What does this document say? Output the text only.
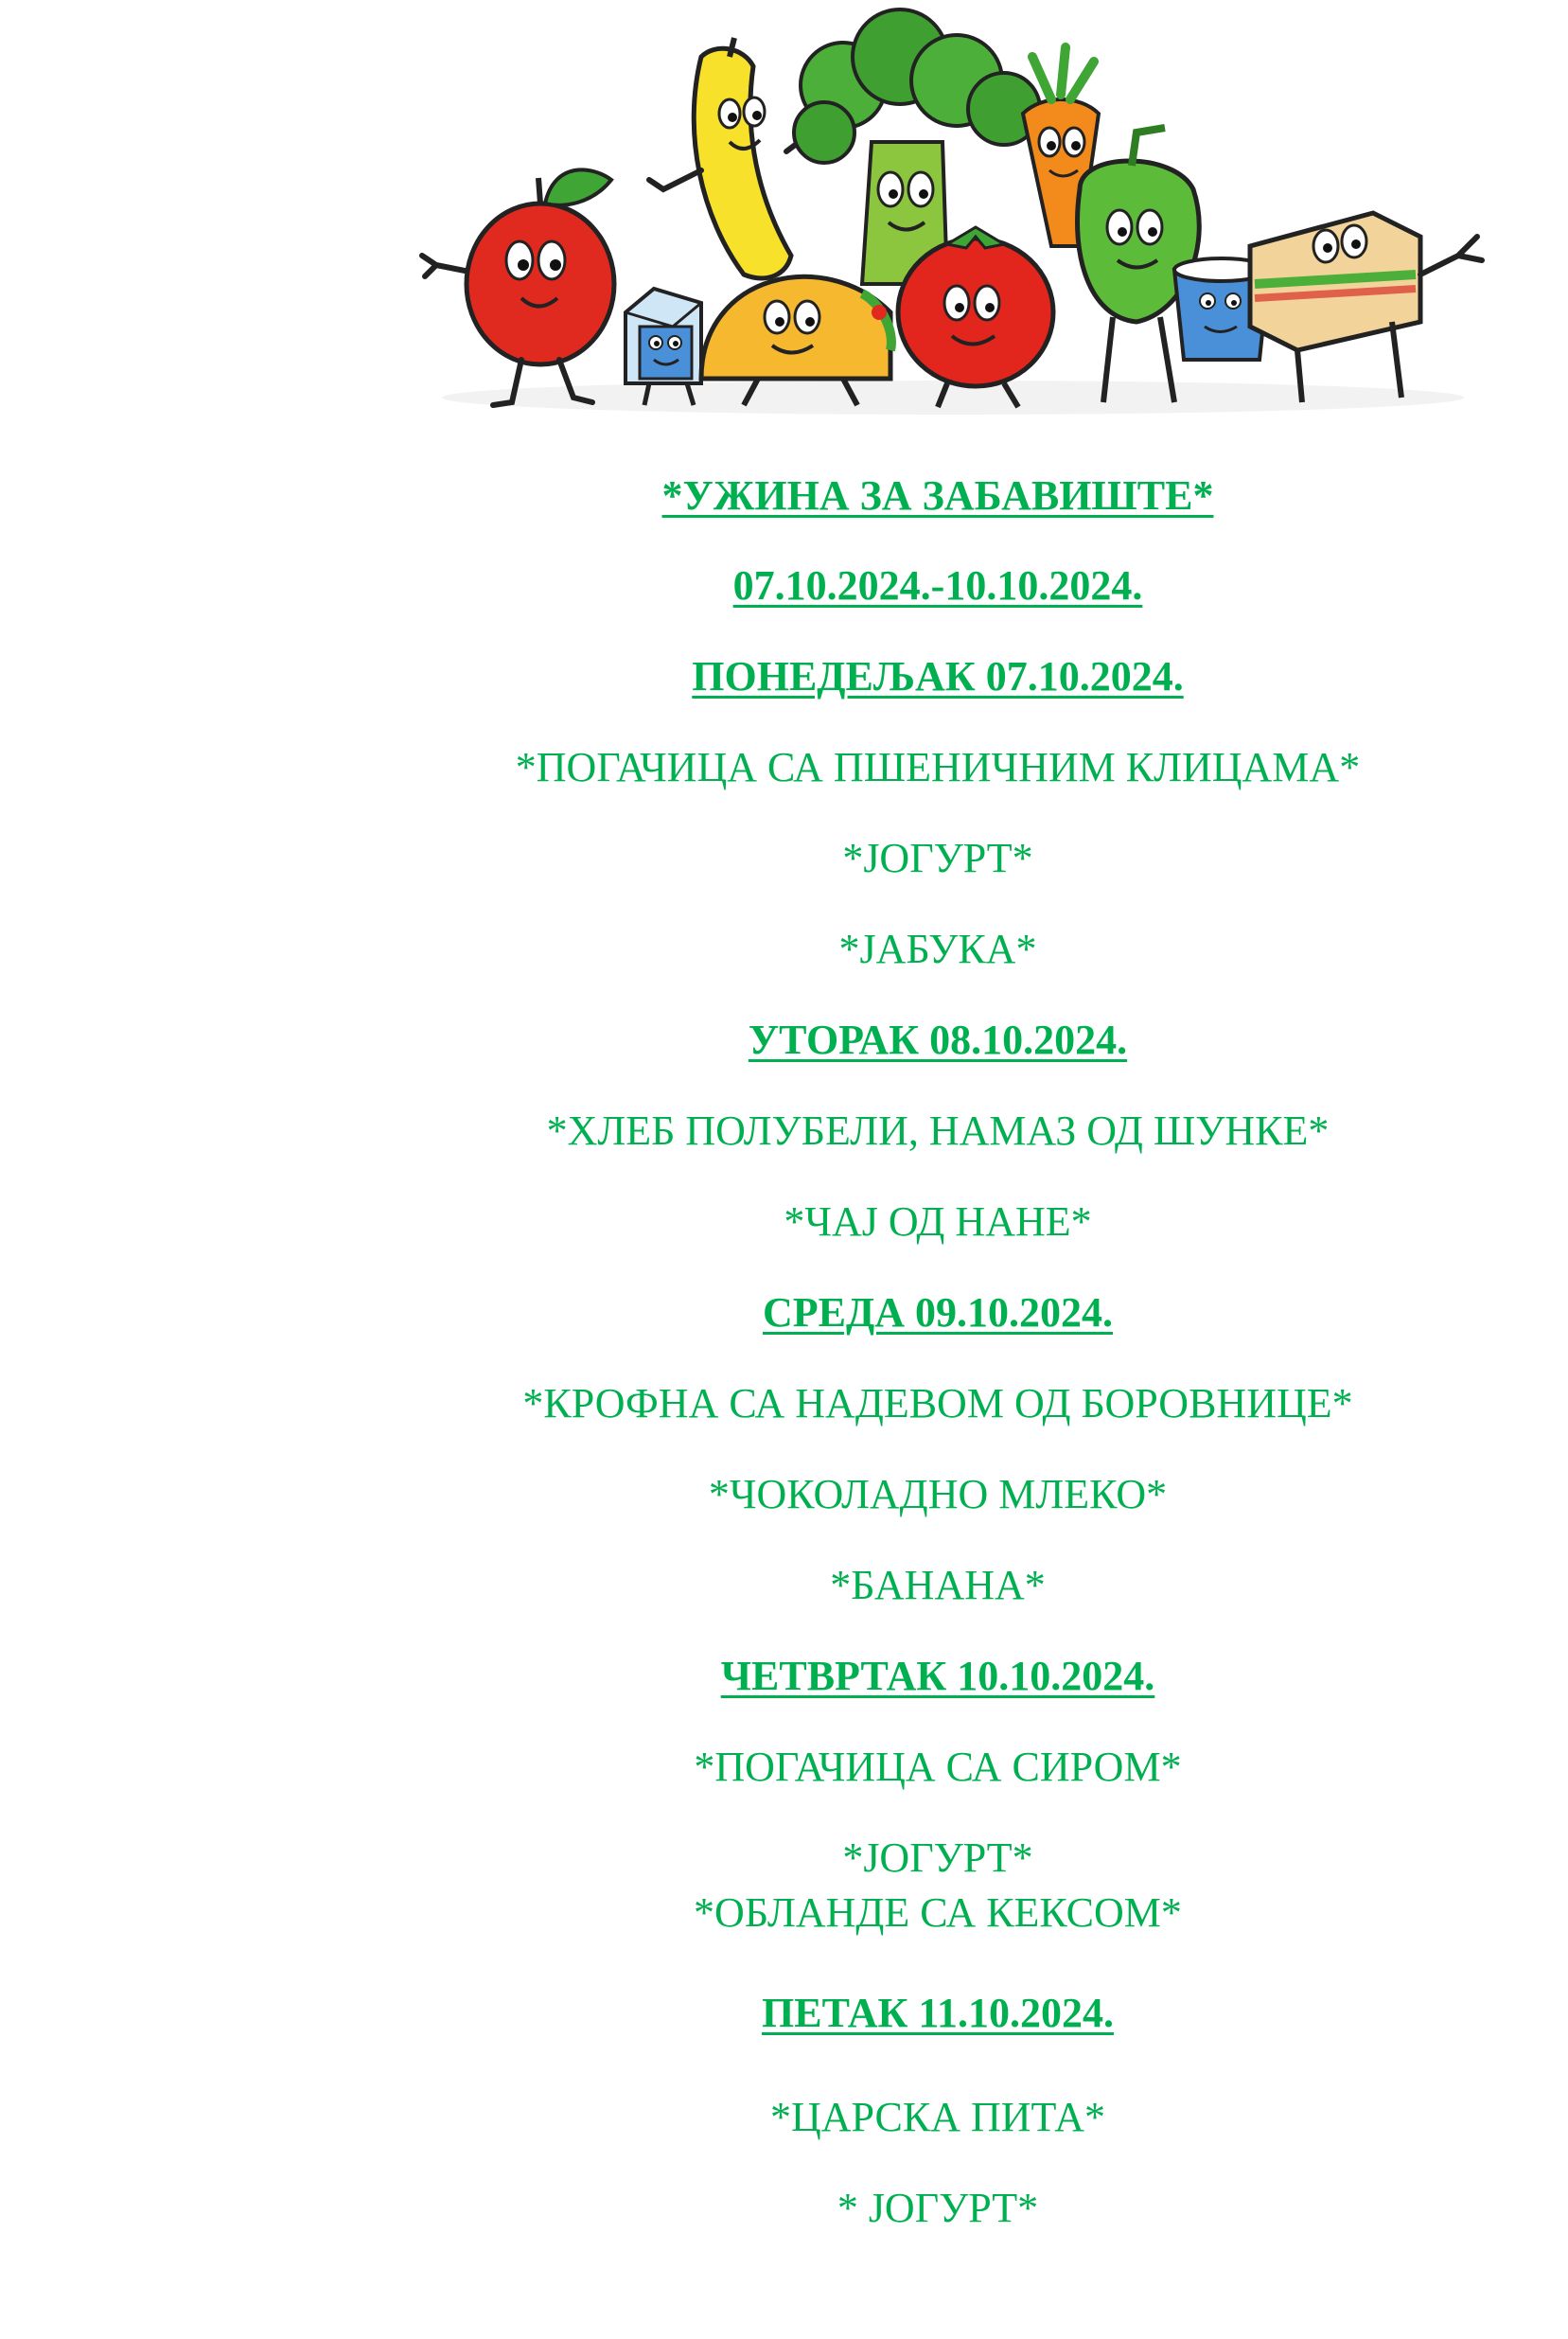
*УЖИНА ЗА ЗАБАВИШТЕ*
07.10.2024.-10.10.2024.
ПОНЕДЕЉАК 07.10.2024.
*ПОГАЧИЦА СА ПШЕНИЧНИМ КЛИЦАМА*
*ЈОГУРТ*
*ЈАБУКА*
УТОРАК 08.10.2024.
*ХЛЕБ ПОЛУБЕЛИ, НАМАЗ ОД ШУНКЕ*
*ЧАЈ ОД НАНЕ*
СРЕДА 09.10.2024.
*КРОФНА СА НАДЕВОМ ОД БОРОВНИЦЕ*
*ЧОКОЛАДНО МЛЕКО*
*БАНАНА*
ЧЕТВРТАК 10.10.2024.
*ПОГАЧИЦА СА СИРОМ*
*ЈОГУРТ*
*ОБЛАНДЕ СА КЕКСОМ*
ПЕТАК 11.10.2024.
*ЦАРСКА ПИТА*
* ЈОГУРТ*
